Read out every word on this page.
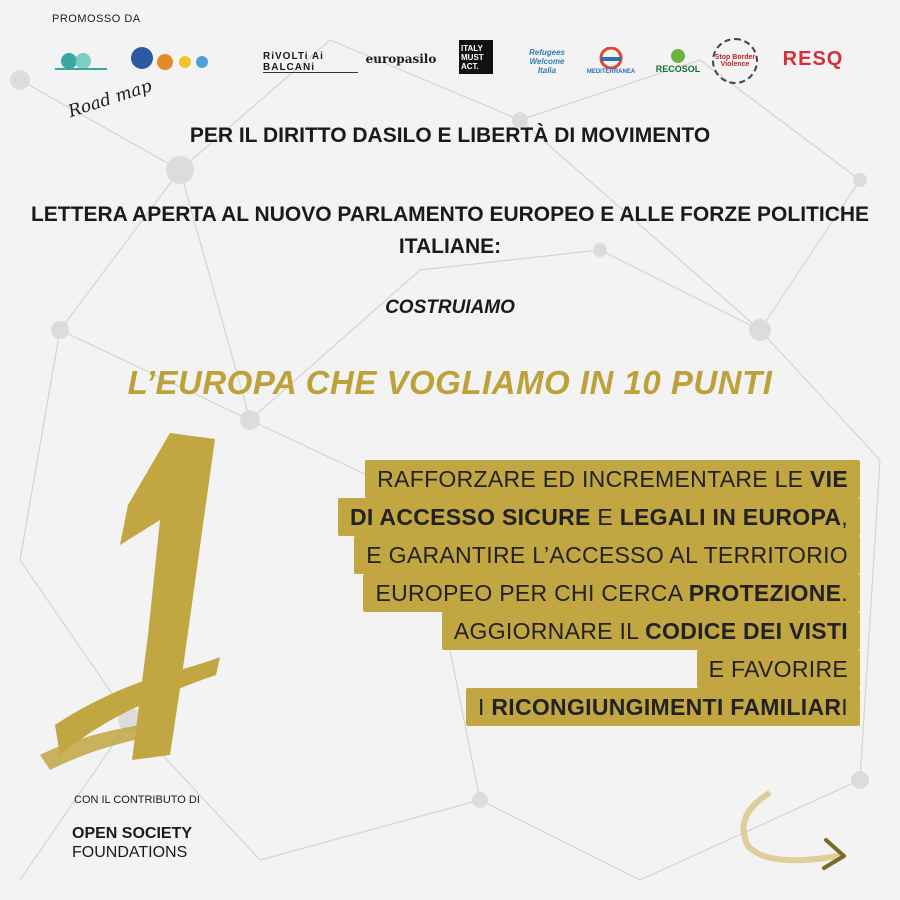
PROMOSSO DA
RiVOLTi Ai BALCANi
europasilo
ITALY MUST ACT.
Refugees Welcome Italia	MEDITERRANEA RECOSOL
Stop Border Violence	RESQ
Road map
PER IL DIRITTO DASILO E LIBERTÀ DI MOVIMENTO
LETTERA APERTA AL NUOVO PARLAMENTO EUROPEO E ALLE FORZE POLITICHE ITALIANE:
COSTRUIAMO
L’EUROPA CHE VOGLIAMO IN 10 PUNTI
RAFFORZARE ED INCREMENTARE LE VIE
DI ACCESSO SICURE E LEGALI IN EUROPA,
E GARANTIRE L’ACCESSO AL TERRITORIO
EUROPEO PER CHI CERCA PROTEZIONE.
AGGIORNARE IL CODICE DEI VISTI
E FAVORIRE
I RICONGIUNGIMENTI FAMILIARI
CON IL CONTRIBUTO DI
OPEN SOCIETY
FOUNDATIONS
